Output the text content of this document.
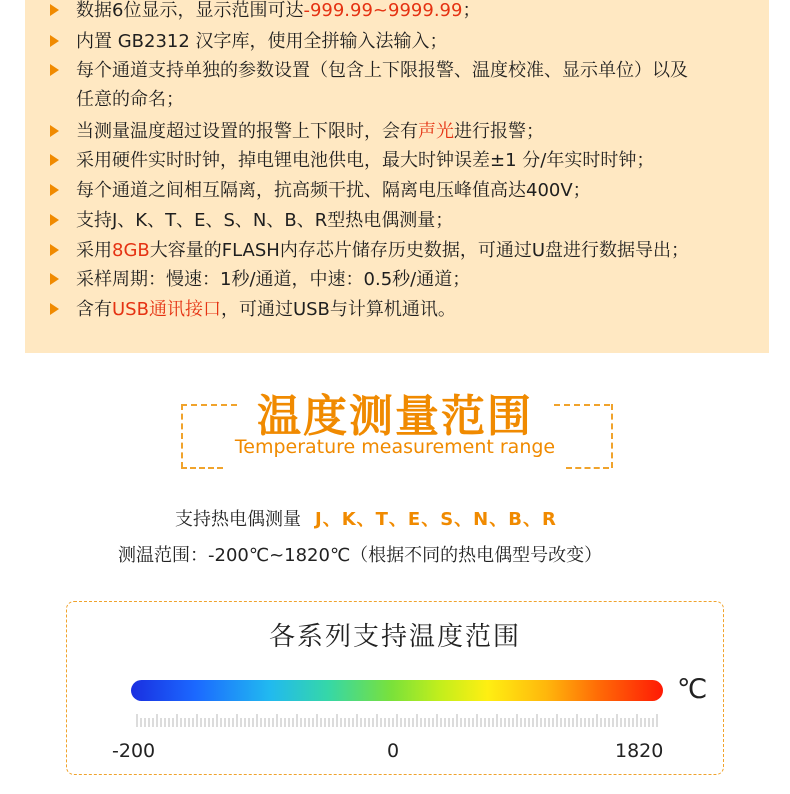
数据6位显示，显示范围可达-999.99~9999.99；
内置 GB2312 汉字库，使用全拼输入法输入；
每个通道支持单独的参数设置（包含上下限报警、温度校准、显示单位）以及
任意的命名；
当测量温度超过设置的报警上下限时，会有声光进行报警；
采用硬件实时时钟，掉电锂电池供电，最大时钟误差±1 分/年实时时钟；
每个通道之间相互隔离，抗高频干扰、隔离电压峰值高达400V；
支持J、K、T、E、S、N、B、R型热电偶测量；
采用8GB大容量的FLASH内存芯片储存历史数据，可通过U盘进行数据导出；
采样周期：慢速：1秒/通道，中速：0.5秒/通道；
含有USB通讯接口，可通过USB与计算机通讯。
温度测量范围
Temperature measurement range
支持热电偶测量 J、K、T、E、S、N、B、R
测温范围：-200℃~1820℃（根据不同的热电偶型号改变）
各系列支持温度范围
℃
-200	0	1820
